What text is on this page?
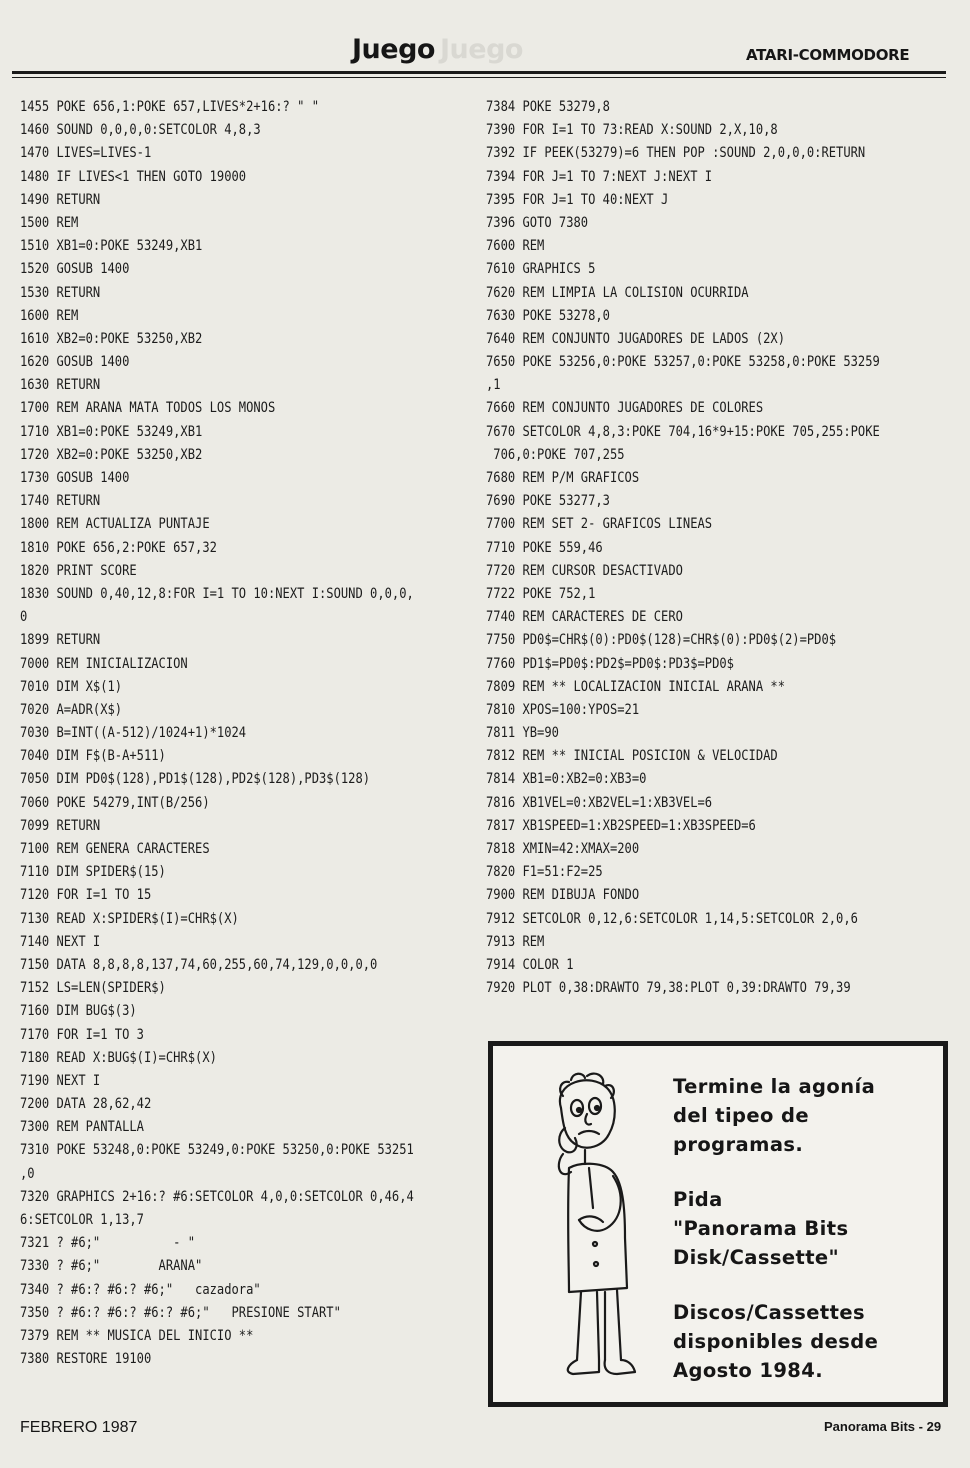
Juego Juego	ATARI-COMMODORE
1455 POKE 656,1:POKE 657,LIVES*2+16:? " "
1460 SOUND 0,0,0,0:SETCOLOR 4,8,3
1470 LIVES=LIVES-1
1480 IF LIVES<1 THEN GOTO 19000
1490 RETURN
1500 REM
1510 XB1=0:POKE 53249,XB1
1520 GOSUB 1400
1530 RETURN
1600 REM
1610 XB2=0:POKE 53250,XB2
1620 GOSUB 1400
1630 RETURN
1700 REM ARANA MATA TODOS LOS MONOS
1710 XB1=0:POKE 53249,XB1
1720 XB2=0:POKE 53250,XB2
1730 GOSUB 1400
1740 RETURN
1800 REM ACTUALIZA PUNTAJE
1810 POKE 656,2:POKE 657,32
1820 PRINT SCORE
1830 SOUND 0,40,12,8:FOR I=1 TO 10:NEXT I:SOUND 0,0,0,
0
1899 RETURN
7000 REM INICIALIZACION
7010 DIM X$(1)
7020 A=ADR(X$)
7030 B=INT((A-512)/1024+1)*1024
7040 DIM F$(B-A+511)
7050 DIM PD0$(128),PD1$(128),PD2$(128),PD3$(128)
7060 POKE 54279,INT(B/256)
7099 RETURN
7100 REM GENERA CARACTERES
7110 DIM SPIDER$(15)
7120 FOR I=1 TO 15
7130 READ X:SPIDER$(I)=CHR$(X)
7140 NEXT I
7150 DATA 8,8,8,8,137,74,60,255,60,74,129,0,0,0,0
7152 LS=LEN(SPIDER$)
7160 DIM BUG$(3)
7170 FOR I=1 TO 3
7180 READ X:BUG$(I)=CHR$(X)
7190 NEXT I
7200 DATA 28,62,42
7300 REM PANTALLA
7310 POKE 53248,0:POKE 53249,0:POKE 53250,0:POKE 53251
,0
7320 GRAPHICS 2+16:? #6:SETCOLOR 4,0,0:SETCOLOR 0,46,4
6:SETCOLOR 1,13,7
7321 ? #6;"          - "
7330 ? #6;"        ARANA"
7340 ? #6:? #6:? #6;"   cazadora"
7350 ? #6:? #6:? #6:? #6;"   PRESIONE START"
7379 REM ** MUSICA DEL INICIO **
7380 RESTORE 19100
7384 POKE 53279,8
7390 FOR I=1 TO 73:READ X:SOUND 2,X,10,8
7392 IF PEEK(53279)=6 THEN POP :SOUND 2,0,0,0:RETURN
7394 FOR J=1 TO 7:NEXT J:NEXT I
7395 FOR J=1 TO 40:NEXT J
7396 GOTO 7380
7600 REM
7610 GRAPHICS 5
7620 REM LIMPIA LA COLISION OCURRIDA
7630 POKE 53278,0
7640 REM CONJUNTO JUGADORES DE LADOS (2X)
7650 POKE 53256,0:POKE 53257,0:POKE 53258,0:POKE 53259
,1
7660 REM CONJUNTO JUGADORES DE COLORES
7670 SETCOLOR 4,8,3:POKE 704,16*9+15:POKE 705,255:POKE
706,0:POKE 707,255
7680 REM P/M GRAFICOS
7690 POKE 53277,3
7700 REM SET 2- GRAFICOS LINEAS
7710 POKE 559,46
7720 REM CURSOR DESACTIVADO
7722 POKE 752,1
7740 REM CARACTERES DE CERO
7750 PD0$=CHR$(0):PD0$(128)=CHR$(0):PD0$(2)=PD0$
7760 PD1$=PD0$:PD2$=PD0$:PD3$=PD0$
7809 REM ** LOCALIZACION INICIAL ARANA **
7810 XPOS=100:YPOS=21
7811 YB=90
7812 REM ** INICIAL POSICION & VELOCIDAD
7814 XB1=0:XB2=0:XB3=0
7816 XB1VEL=0:XB2VEL=1:XB3VEL=6
7817 XB1SPEED=1:XB2SPEED=1:XB3SPEED=6
7818 XMIN=42:XMAX=200
7820 F1=51:F2=25
7900 REM DIBUJA FONDO
7912 SETCOLOR 0,12,6:SETCOLOR 1,14,5:SETCOLOR 2,0,6
7913 REM
7914 COLOR 1
7920 PLOT 0,38:DRAWTO 79,38:PLOT 0,39:DRAWTO 79,39

Termine la agonía
del tipeo de
programas.

Pida
"Panorama Bits
Disk/Cassette"

Discos/Cassettes
disponibles desde
Agosto 1984.

FEBRERO 1987	Panorama Bits - 29
